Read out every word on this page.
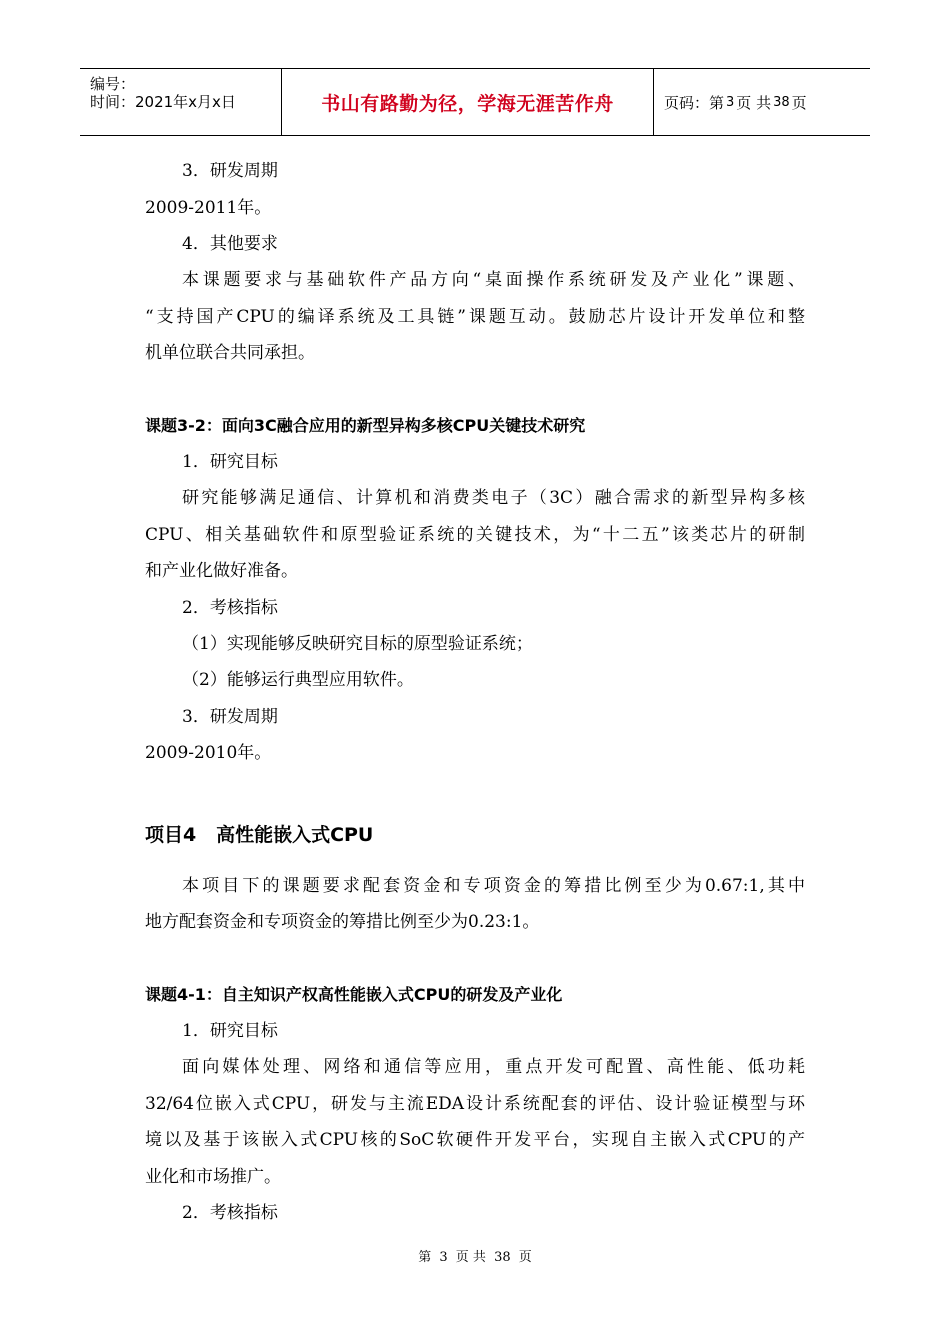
编号：
时间：2021年x月x日	书山有路勤为径，学海无涯苦作舟	页码：第 3 页 共 38 页
3．研发周期
2009-2011年。
4．其他要求
本课题要求与基础软件产品方向“桌面操作系统研发及产业化”课题、
“支持国产CPU的编译系统及工具链”课题互动。鼓励芯片设计开发单位和整
机单位联合共同承担。
课题3-2：面向3C融合应用的新型异构多核CPU关键技术研究
1．研究目标
研究能够满足通信、计算机和消费类电子（3C）融合需求的新型异构多核
CPU、相关基础软件和原型验证系统的关键技术，为“十二五”该类芯片的研制
和产业化做好准备。
2．考核指标
（1）实现能够反映研究目标的原型验证系统；
（2）能够运行典型应用软件。
3．研发周期
2009-2010年。
项目4   高性能嵌入式CPU
本项目下的课题要求配套资金和专项资金的筹措比例至少为0.67:1,其中
地方配套资金和专项资金的筹措比例至少为0.23:1。
课题4-1：自主知识产权高性能嵌入式CPU的研发及产业化
1．研究目标
面向媒体处理、网络和通信等应用，重点开发可配置、高性能、低功耗
32/64位嵌入式CPU，研发与主流EDA设计系统配套的评估、设计验证模型与环
境以及基于该嵌入式CPU核的SoC软硬件开发平台，实现自主嵌入式CPU的产
业化和市场推广。
2．考核指标
第 3 页 共 38 页
